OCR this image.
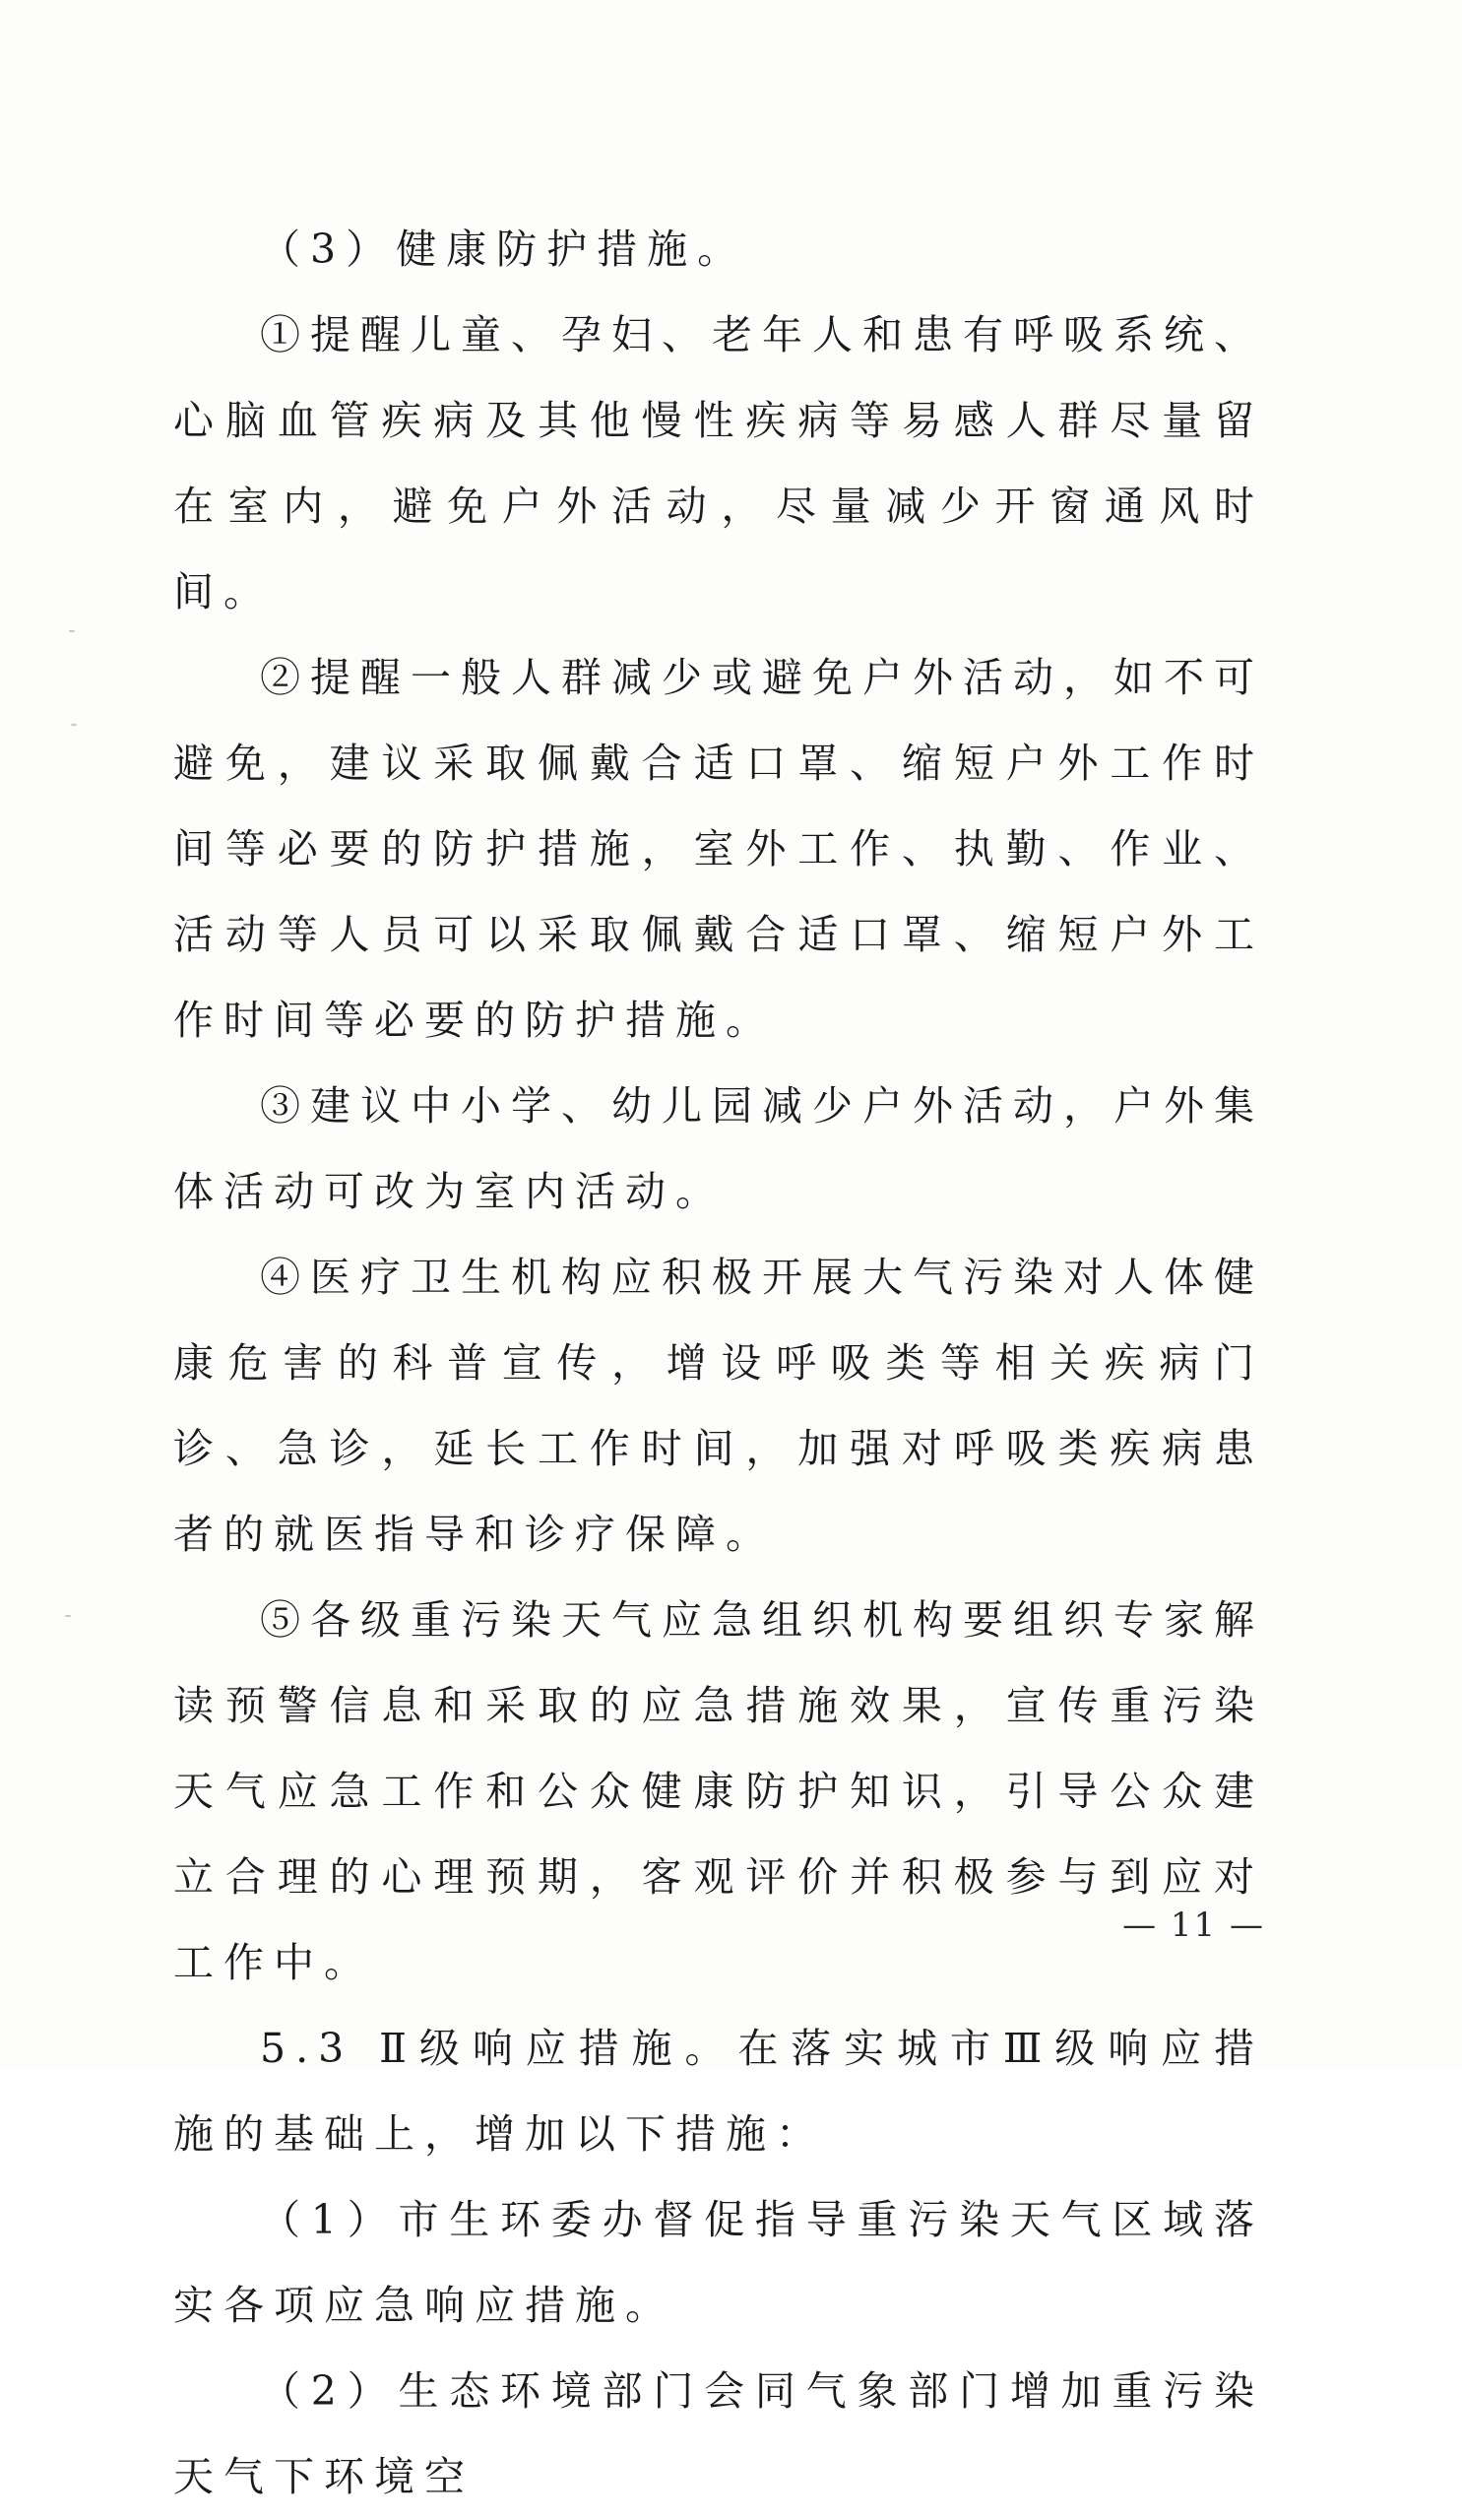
（3）健康防护措施。

①提醒儿童、孕妇、老年人和患有呼吸系统、心脑血管疾病及其他慢性疾病等易感人群尽量留在室内，避免户外活动，尽量减少开窗通风时间。

②提醒一般人群减少或避免户外活动，如不可避免，建议采取佩戴合适口罩、缩短户外工作时间等必要的防护措施，室外工作、执勤、作业、活动等人员可以采取佩戴合适口罩、缩短户外工作时间等必要的防护措施。

③建议中小学、幼儿园减少户外活动，户外集体活动可改为室内活动。

④医疗卫生机构应积极开展大气污染对人体健康危害的科普宣传，增设呼吸类等相关疾病门诊、急诊，延长工作时间，加强对呼吸类疾病患者的就医指导和诊疗保障。

⑤各级重污染天气应急组织机构要组织专家解读预警信息和采取的应急措施效果，宣传重污染天气应急工作和公众健康防护知识，引导公众建立合理的心理预期，客观评价并积极参与到应对工作中。

5.3 Ⅱ级响应措施。在落实城市Ⅲ级响应措施的基础上，增加以下措施：

（1）市生环委办督促指导重污染天气区域落实各项应急响应措施。

（2）生态环境部门会同气象部门增加重污染天气下环境空

— 11 —
